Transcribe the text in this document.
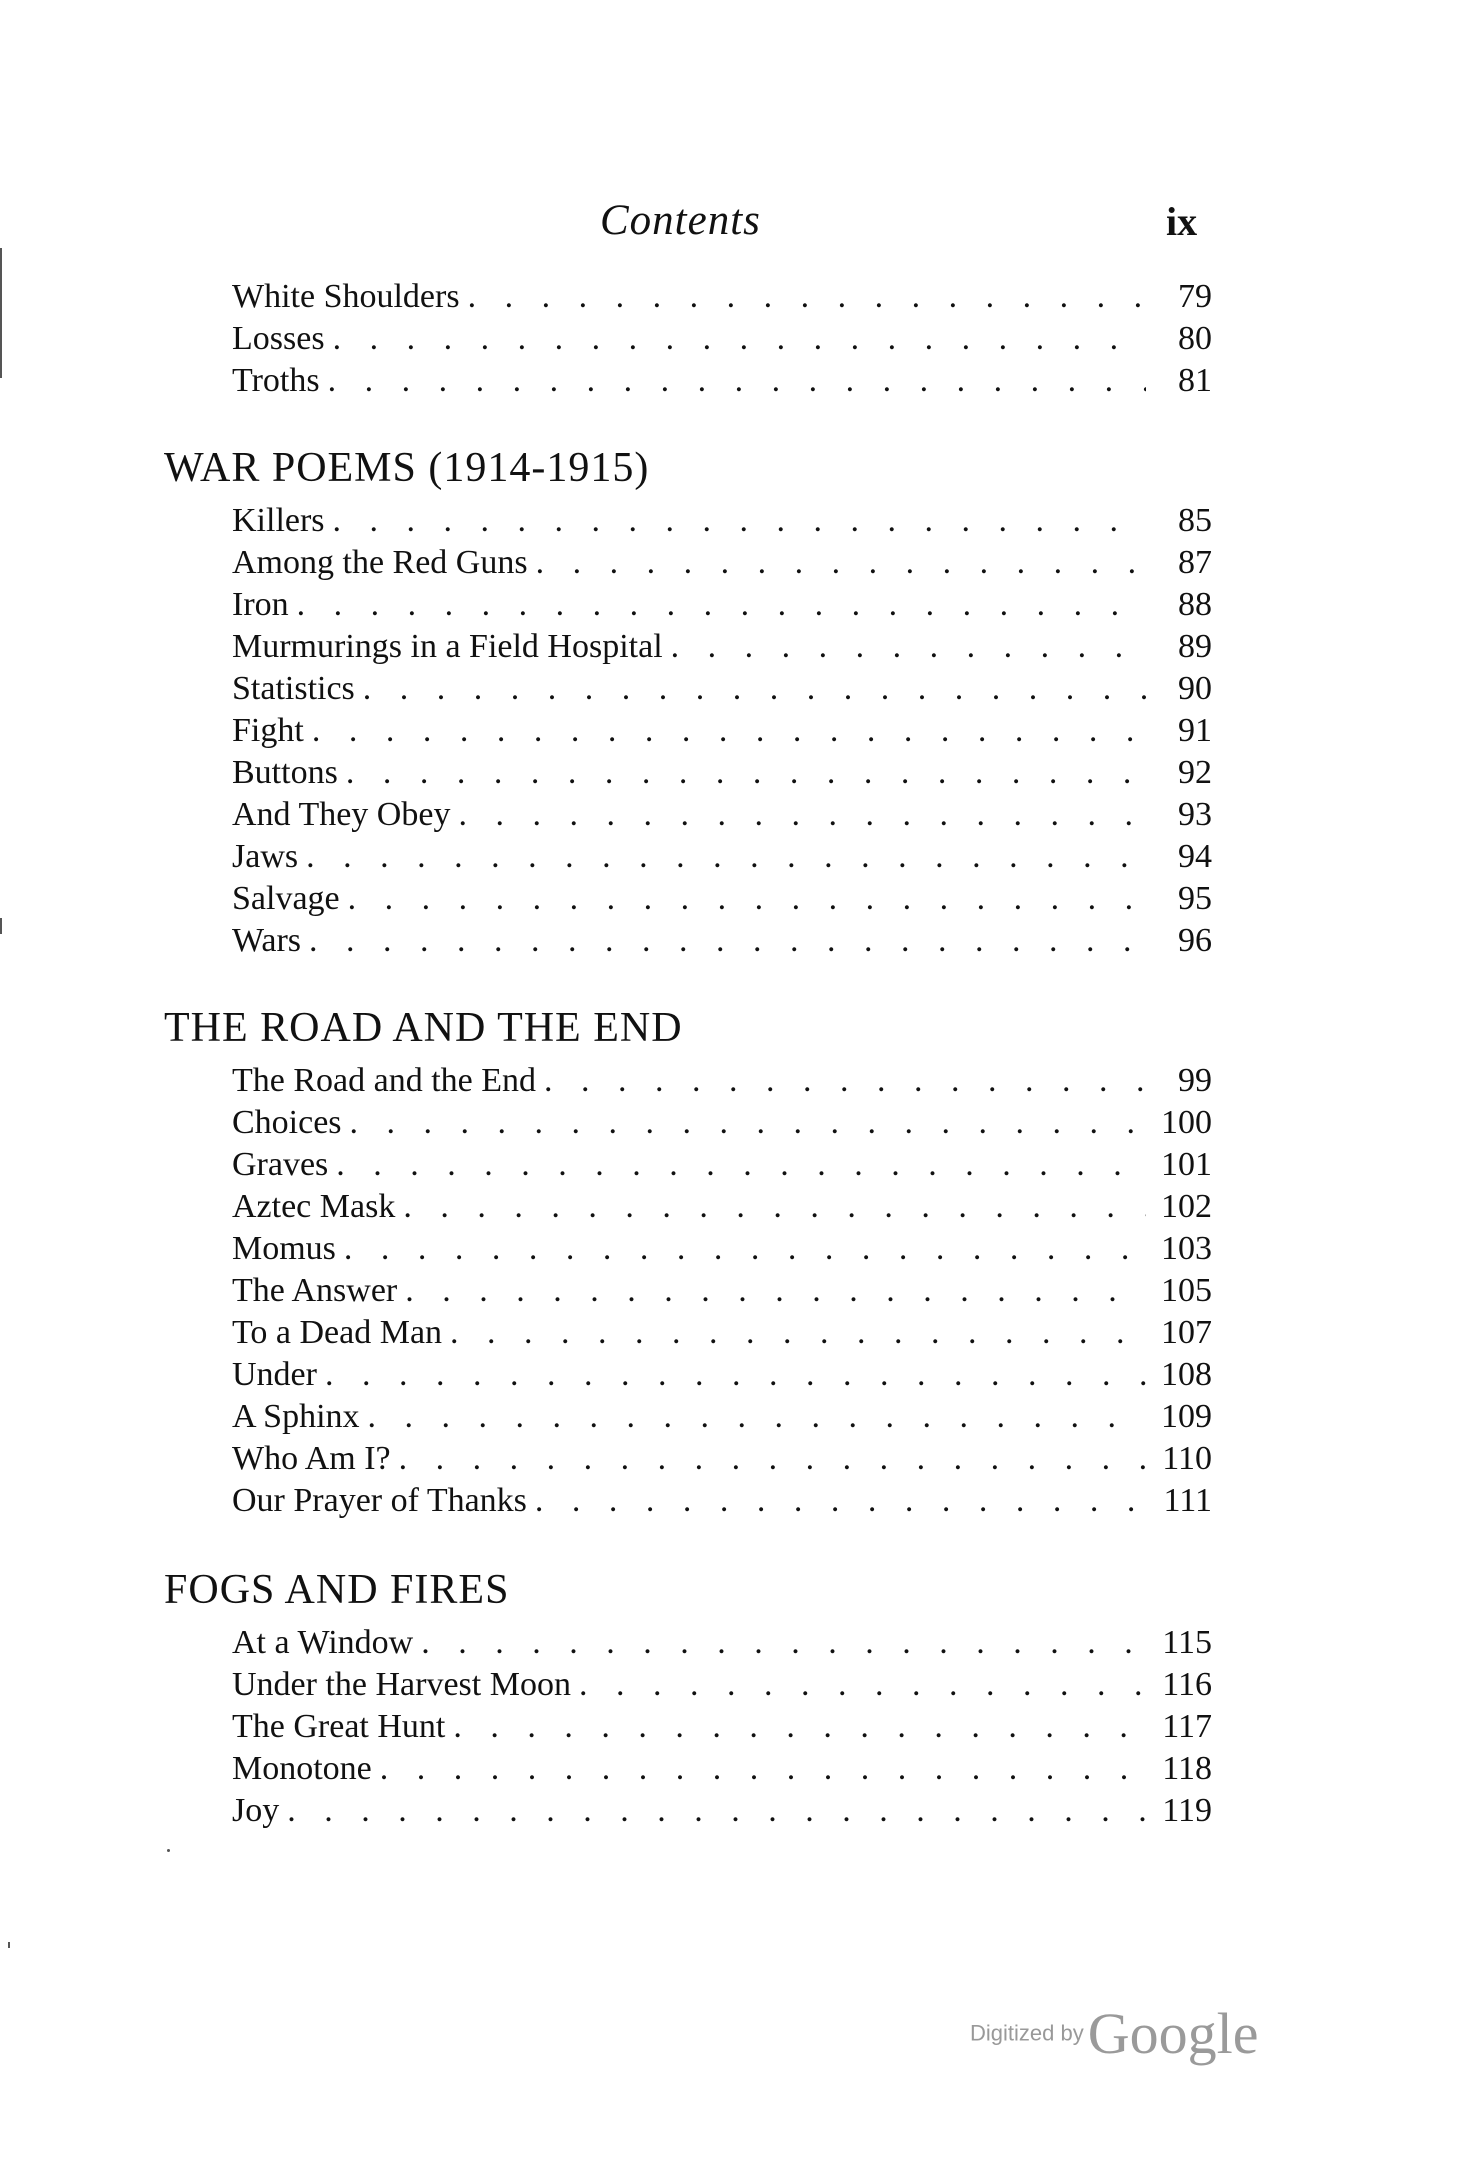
Contents	ix
White Shoulders . . .	79
Losses . . .	80
Troths . . .	81
WAR POEMS (1914-1915)
Killers . . .	85
Among the Red Guns . . .	87
Iron . . .	88
Murmurings in a Field Hospital . . .	89
Statistics . . .	90
Fight . . .	91
Buttons . . .	92
And They Obey . . .	93
Jaws . . .	94
Salvage . . .	95
Wars . . .	96
THE ROAD AND THE END
The Road and the End . . .	99
Choices . . .	100
Graves . . .	101
Aztec Mask . . .	102
Momus . . .	103
The Answer . . .	105
To a Dead Man . . .	107
Under . . .	108
A Sphinx . . .	109
Who Am I? . . .	110
Our Prayer of Thanks . . .	111
FOGS AND FIRES
At a Window . . .	115
Under the Harvest Moon . . .	116
The Great Hunt . . .	117
Monotone . . .	118
Joy . . .	119
Digitized by Google
